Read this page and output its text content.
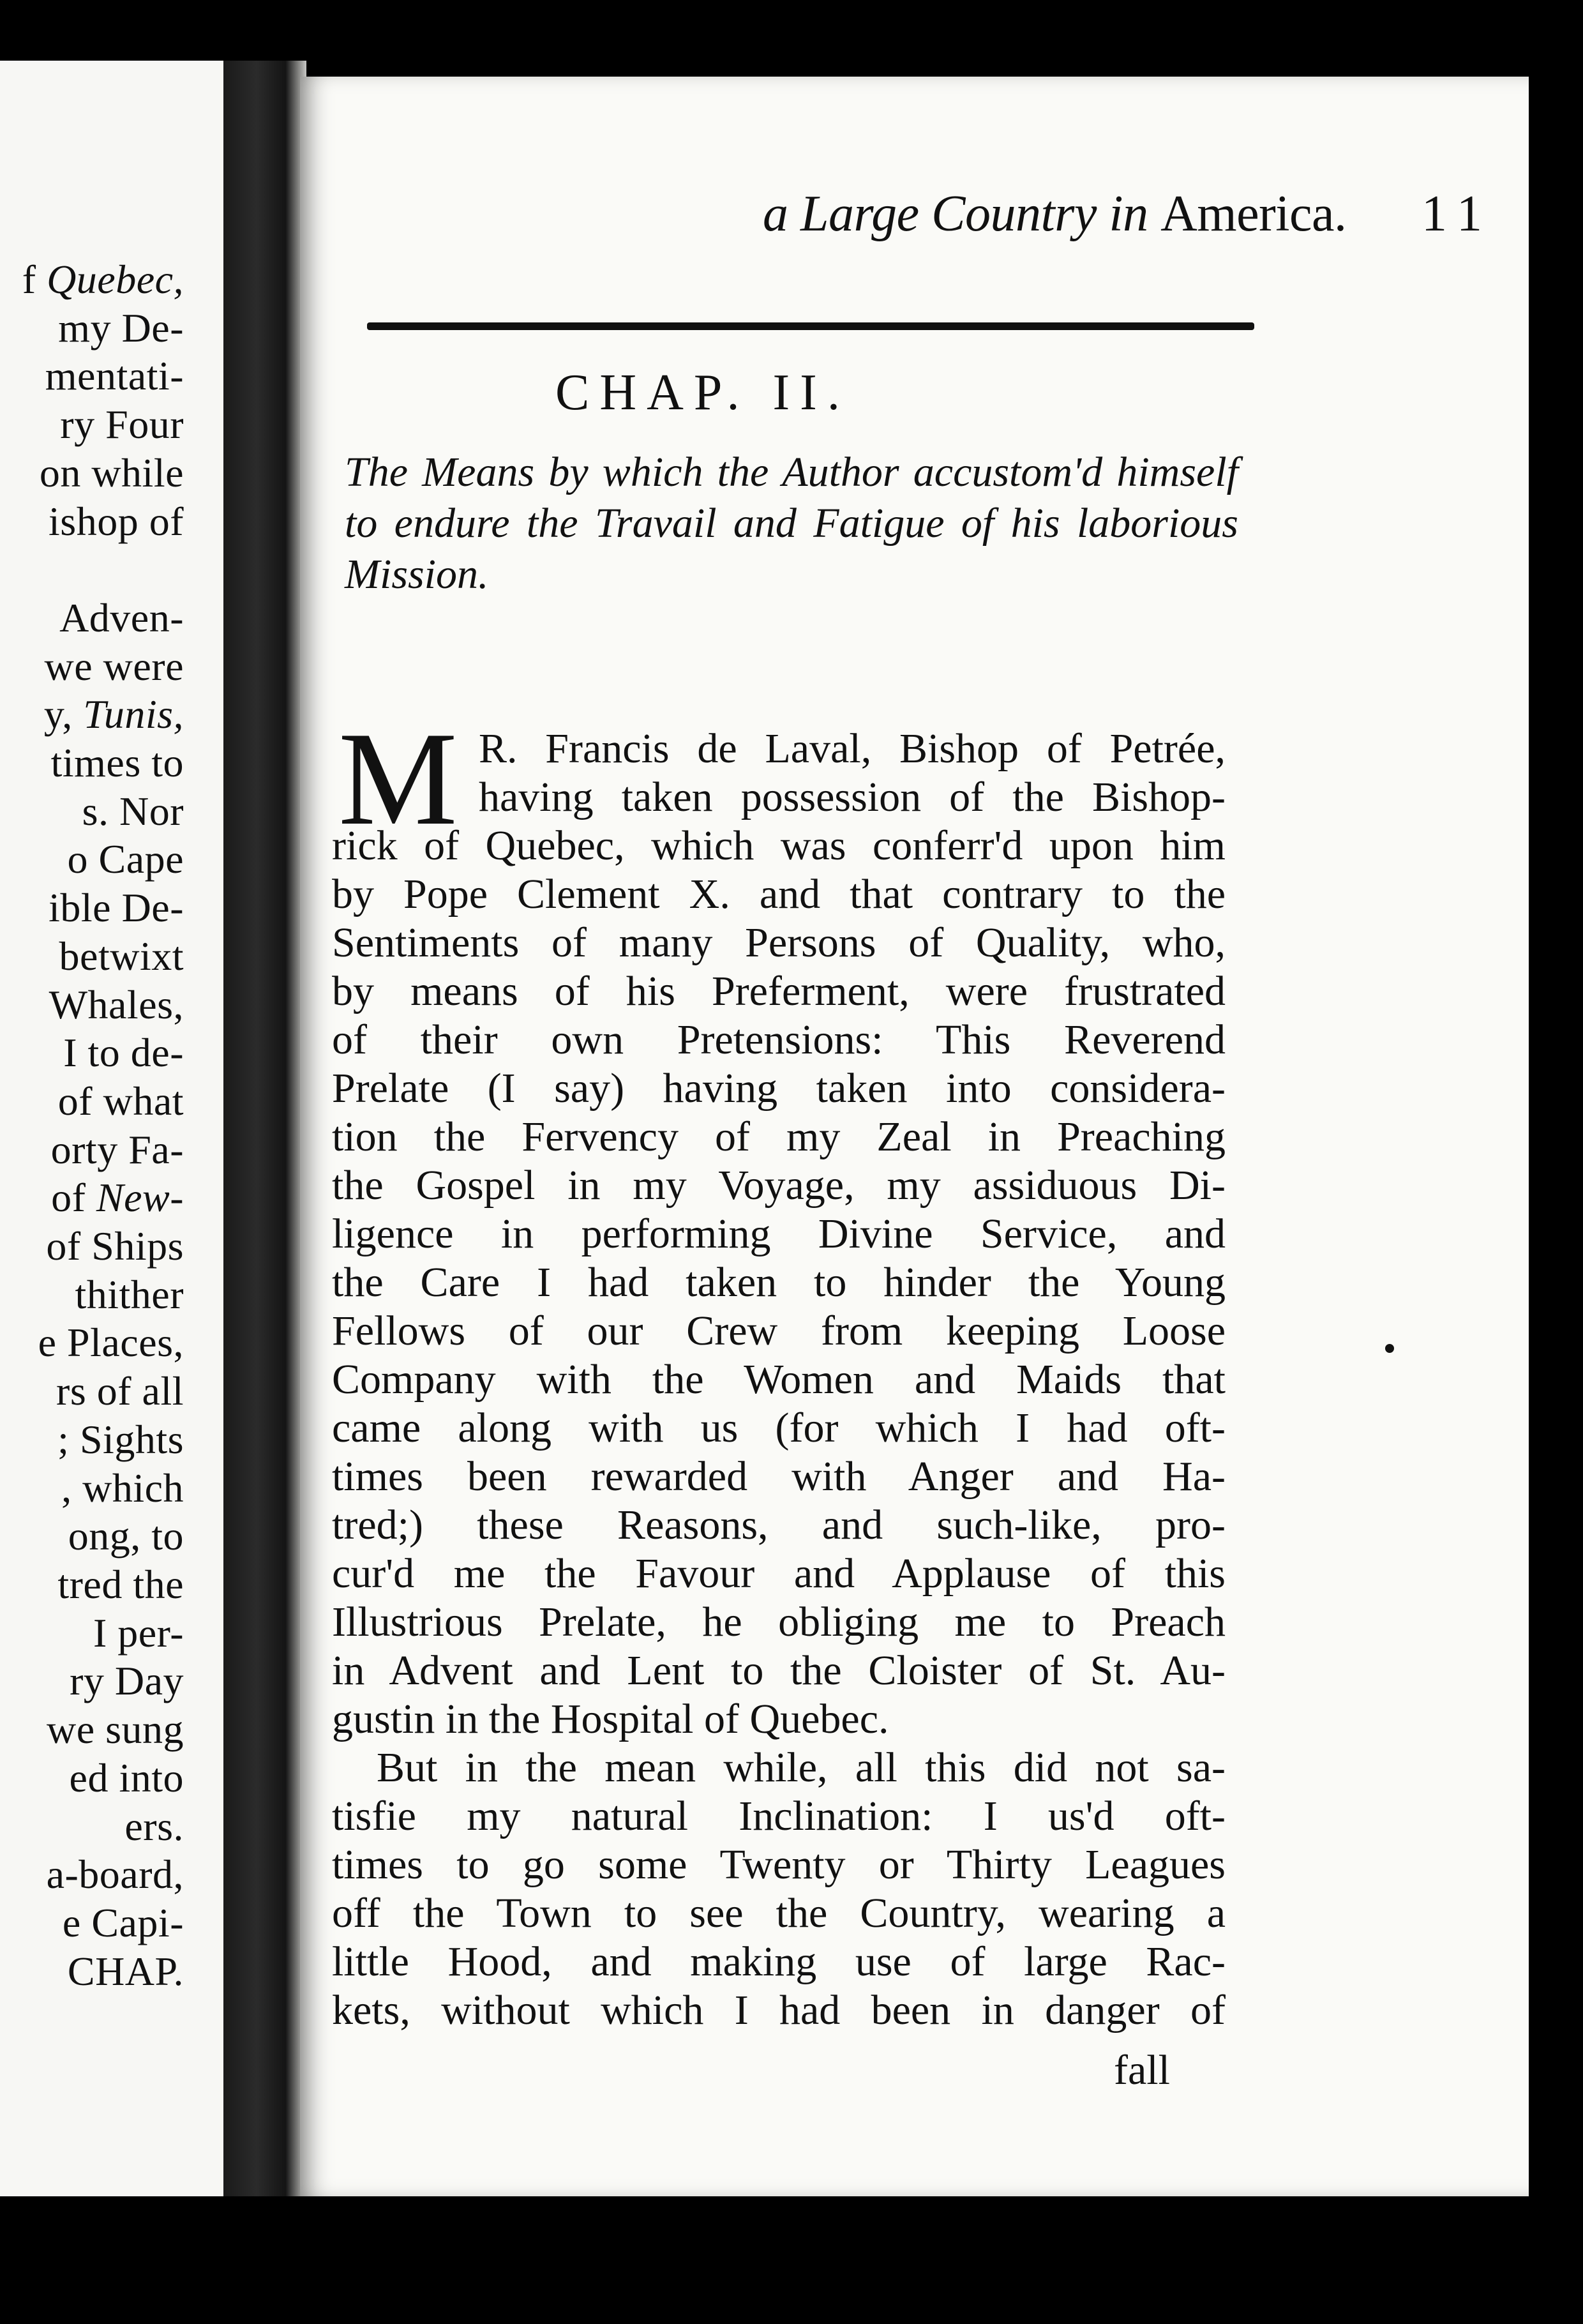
f Quebec,
my De-
mentati-
ry Four
on while
ishop of

Adven-
we were
y, Tunis,
times to
s. Nor
o Cape
ible De-
betwixt
Whales,
I to de-
of what
orty Fa-
of New-
of Ships
thither
e Places,
rs of all
; Sights
, which
ong, to
tred the
I per-
ry Day
we sung
ed into
ers.
a-board,
e Capi-
CHAP.
a Large Country in America. 11
CHAP. II.
The Means by which the Author accustom'd himself to endure the Travail and Fatigue of his laborious Mission.
M R. Francis de Laval, Bishop of Petrée,
having taken possession of the Bishop-
rick of Quebec, which was conferr'd upon him
by Pope Clement X. and that contrary to the
Sentiments of many Persons of Quality, who,
by means of his Preferment, were frustrated
of their own Pretensions: This Reverend
Prelate (I say) having taken into considera-
tion the Fervency of my Zeal in Preaching
the Gospel in my Voyage, my assiduous Di-
ligence in performing Divine Service, and
the Care I had taken to hinder the Young
Fellows of our Crew from keeping Loose
Company with the Women and Maids that
came along with us (for which I had oft-
times been rewarded with Anger and Ha-
tred;) these Reasons, and such-like, pro-
cur'd me the Favour and Applause of this
Illustrious Prelate, he obliging me to Preach
in Advent and Lent to the Cloister of St. Au-
gustin in the Hospital of Quebec.
But in the mean while, all this did not sa-
tisfie my natural Inclination: I us'd oft-
times to go some Twenty or Thirty Leagues
off the Town to see the Country, wearing a
little Hood, and making use of large Rac-
kets, without which I had been in danger of
fall
